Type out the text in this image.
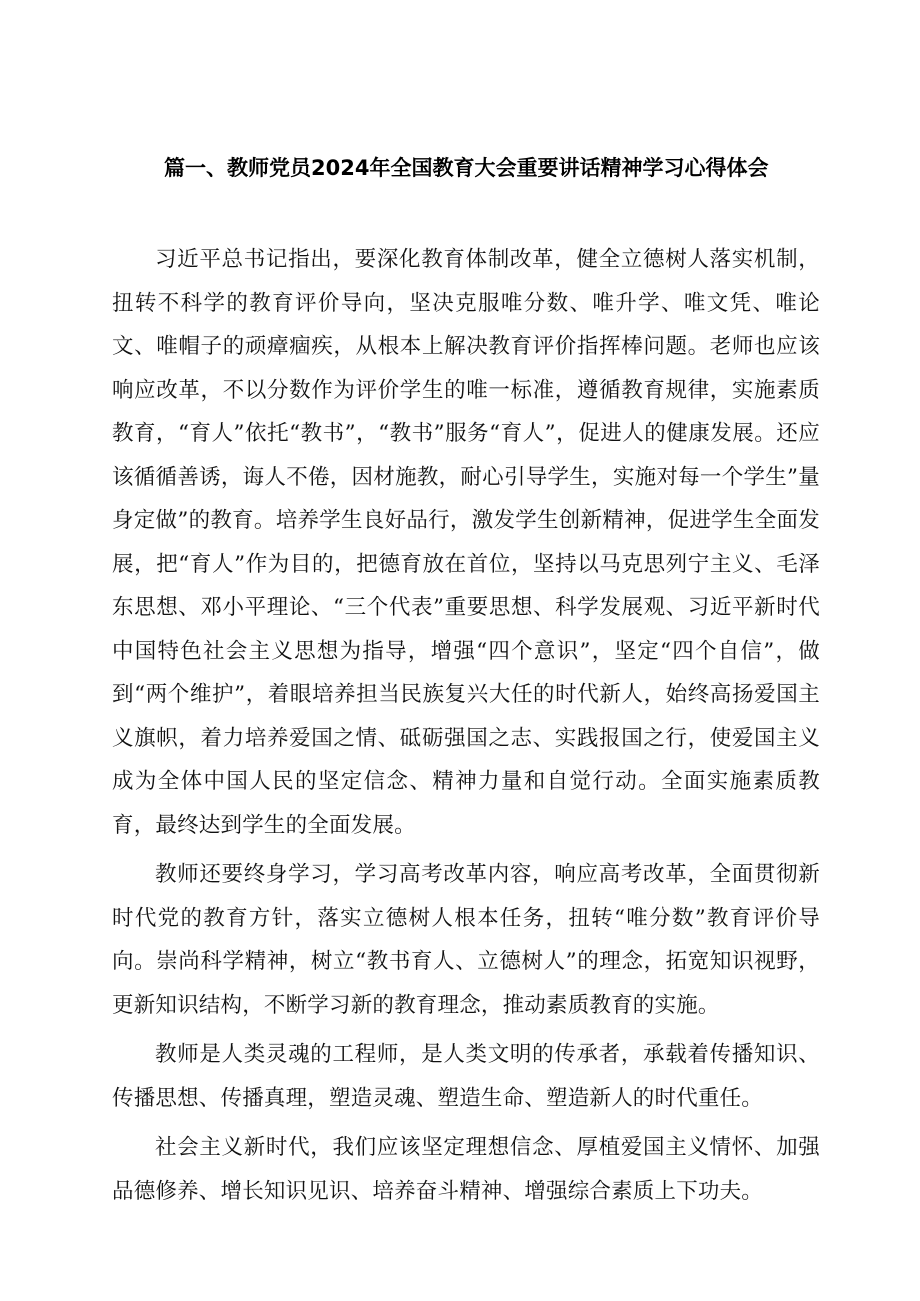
篇一、教师党员2024年全国教育大会重要讲话精神学习心得体会

习近平总书记指出，要深化教育体制改革，健全立德树人落实机制，扭转不科学的教育评价导向，坚决克服唯分数、唯升学、唯文凭、唯论文、唯帽子的顽瘴痼疾，从根本上解决教育评价指挥棒问题。老师也应该响应改革，不以分数作为评价学生的唯一标准，遵循教育规律，实施素质教育，“育人”依托“教书”，“教书”服务“育人”，促进人的健康发展。还应该循循善诱，诲人不倦，因材施教，耐心引导学生，实施对每一个学生”量身定做”的教育。培养学生良好品行，激发学生创新精神，促进学生全面发展，把“育人”作为目的，把德育放在首位，坚持以马克思列宁主义、毛泽东思想、邓小平理论、“三个代表”重要思想、科学发展观、习近平新时代中国特色社会主义思想为指导，增强“四个意识”，坚定“四个自信”，做到“两个维护”，着眼培养担当民族复兴大任的时代新人，始终高扬爱国主义旗帜，着力培养爱国之情、砥砺强国之志、实践报国之行，使爱国主义成为全体中国人民的坚定信念、精神力量和自觉行动。全面实施素质教育，最终达到学生的全面发展。

教师还要终身学习，学习高考改革内容，响应高考改革，全面贯彻新时代党的教育方针，落实立德树人根本任务，扭转“唯分数”教育评价导向。崇尚科学精神，树立“教书育人、立德树人”的理念，拓宽知识视野，更新知识结构，不断学习新的教育理念，推动素质教育的实施。

教师是人类灵魂的工程师，是人类文明的传承者，承载着传播知识、传播思想、传播真理，塑造灵魂、塑造生命、塑造新人的时代重任。

社会主义新时代，我们应该坚定理想信念、厚植爱国主义情怀、加强品德修养、增长知识见识、培养奋斗精神、增强综合素质上下功夫。
